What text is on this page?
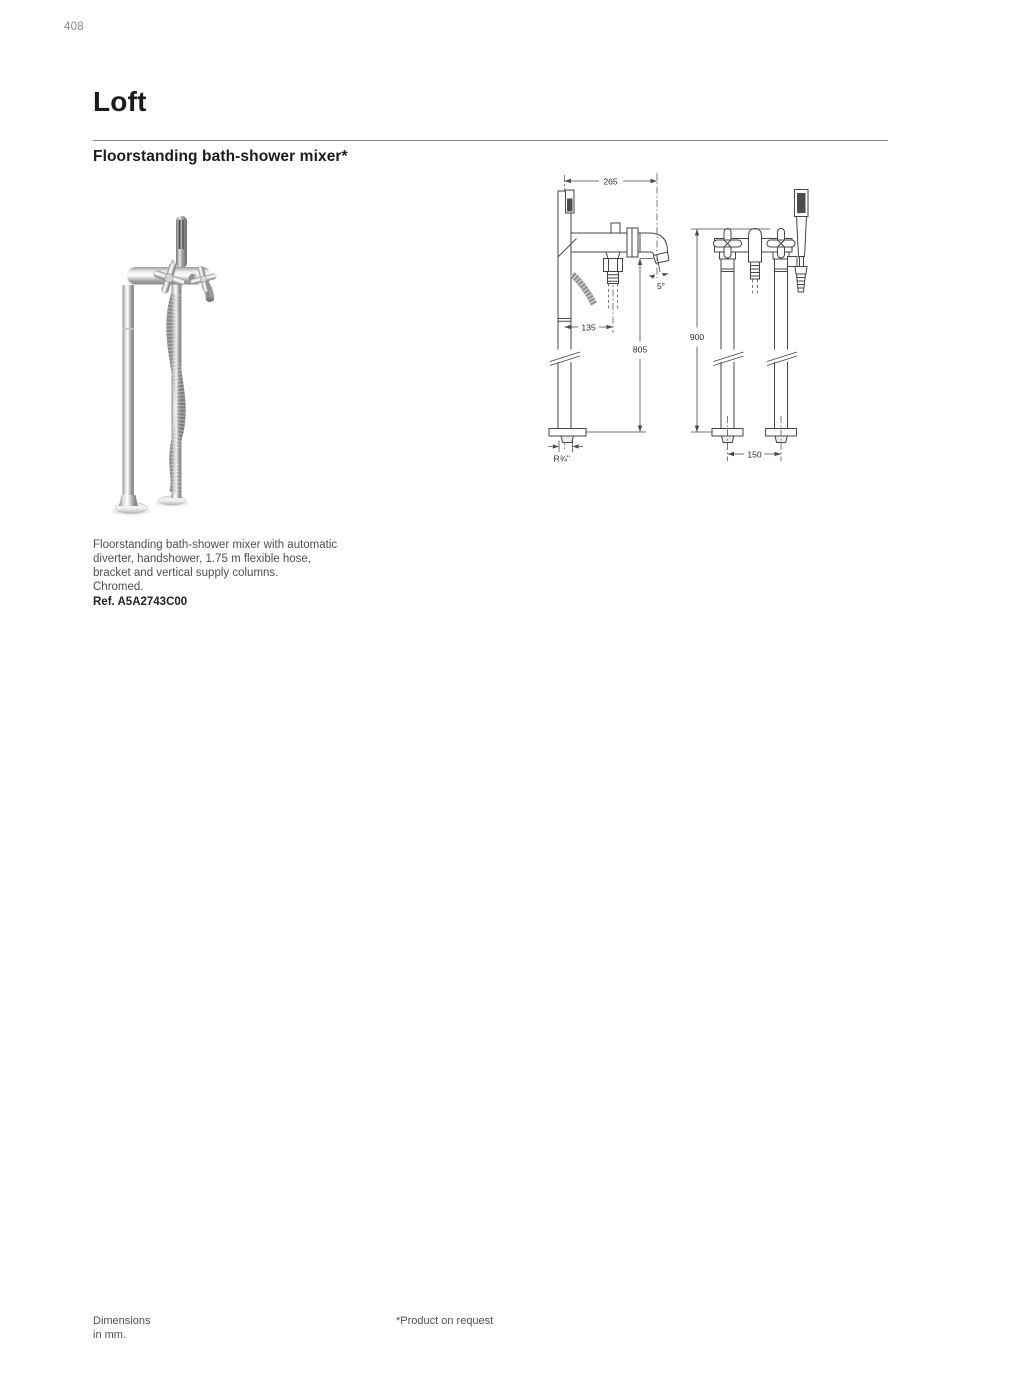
408
Loft
Floorstanding bath-shower mixer*
265
5°
135
805
R¾"
900
150
Floorstanding bath-shower mixer with automatic
diverter, handshower, 1.75 m flexible hose,
bracket and vertical supply columns.
Chromed.
Ref. A5A2743C00
Dimensions
in mm.
*Product on request
